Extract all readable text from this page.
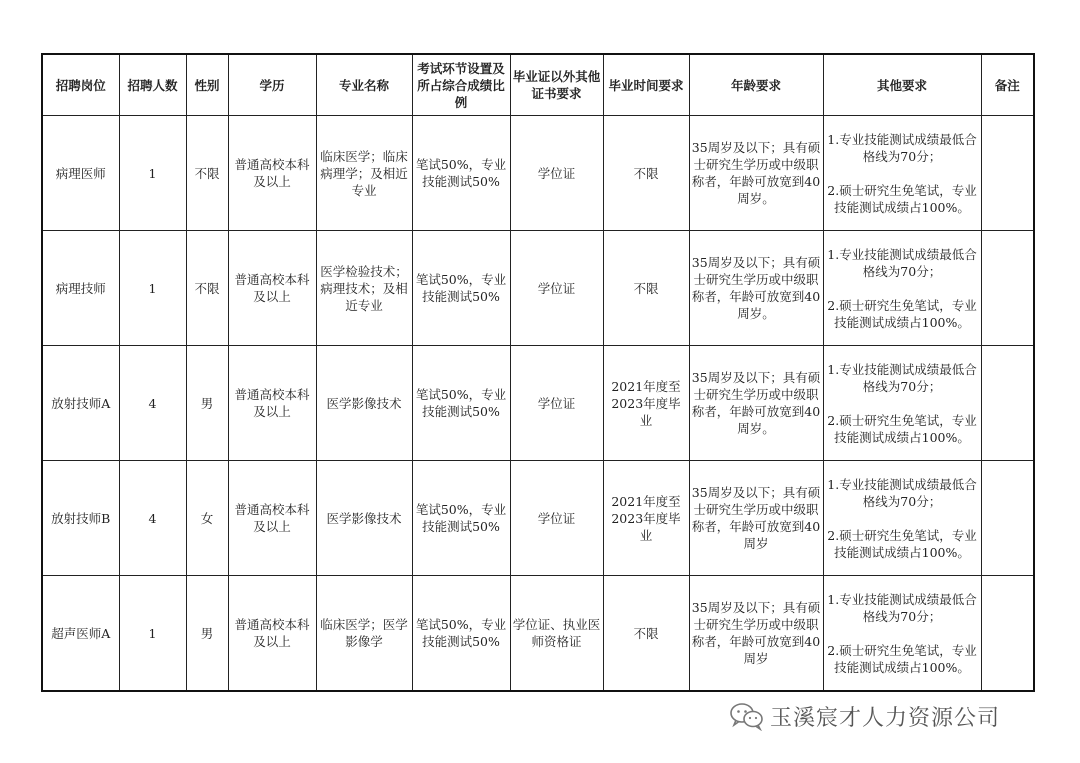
招聘岗位	招聘人数	性别	学历	专业名称	考试环节设置及所占综合成绩比例	毕业证以外其他证书要求	毕业时间要求	年龄要求	其他要求	备注
病理医师	1	不限	普通高校本科及以上	临床医学；临床病理学；及相近专业	笔试50%，专业技能测试50%	学位证	不限	35周岁及以下；具有硕士研究生学历或中级职称者，年龄可放宽到40周岁。	1.专业技能测试成绩最低合格线为70分；
2.硕士研究生免笔试，专业技能测试成绩占100%。	

病理技师	1	不限	普通高校本科及以上	医学检验技术；病理技术；及相近专业	笔试50%，专业技能测试50%	学位证	不限	35周岁及以下；具有硕士研究生学历或中级职称者，年龄可放宽到40周岁。	1.专业技能测试成绩最低合格线为70分；
2.硕士研究生免笔试，专业技能测试成绩占100%。	

放射技师A	4	男	普通高校本科及以上	医学影像技术	笔试50%，专业技能测试50%	学位证	2021年度至2023年度毕业	35周岁及以下；具有硕士研究生学历或中级职称者，年龄可放宽到40周岁。	1.专业技能测试成绩最低合格线为70分；
2.硕士研究生免笔试，专业技能测试成绩占100%。	

放射技师B	4	女	普通高校本科及以上	医学影像技术	笔试50%，专业技能测试50%	学位证	2021年度至2023年度毕业	35周岁及以下；具有硕士研究生学历或中级职称者，年龄可放宽到40周岁	1.专业技能测试成绩最低合格线为70分；
2.硕士研究生免笔试，专业技能测试成绩占100%。	

超声医师A	1	男	普通高校本科及以上	临床医学；医学影像学	笔试50%，专业技能测试50%	学位证、执业医师资格证	不限	35周岁及以下；具有硕士研究生学历或中级职称者，年龄可放宽到40周岁	1.专业技能测试成绩最低合格线为70分；
2.硕士研究生免笔试，专业技能测试成绩占100%。	

玉溪宸才人力资源公司
